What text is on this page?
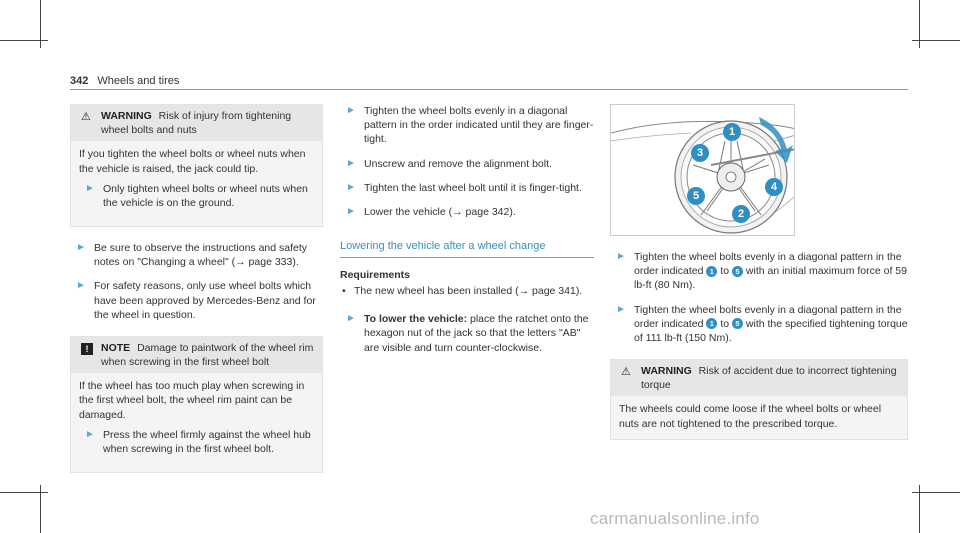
342 Wheels and tires
⚠ WARNING Risk of injury from tightening wheel bolts and nuts

If you tighten the wheel bolts or wheel nuts when the vehicle is raised, the jack could tip.

► Only tighten wheel bolts or wheel nuts when the vehicle is on the ground.
► Be sure to observe the instructions and safety notes on "Changing a wheel" (→ page 333).
► For safety reasons, only use wheel bolts which have been approved by Mercedes-Benz and for the wheel in question.
!	NOTE Damage to paintwork of the wheel rim when screwing in the first wheel bolt

If the wheel has too much play when screwing in the first wheel bolt, the wheel rim paint can be damaged.

► Press the wheel firmly against the wheel hub when screwing in the first wheel bolt.
► Tighten the wheel bolts evenly in a diagonal pattern in the order indicated until they are finger-tight.
► Unscrew and remove the alignment bolt.
► Tighten the last wheel bolt until it is finger-tight.
► Lower the vehicle (→ page 342).
Lowering the vehicle after a wheel change
Requirements
• The new wheel has been installed (→ page 341).
► To lower the vehicle: place the ratchet onto the hexagon nut of the jack so that the letters "AB" are visible and turn counter-clockwise.
1
2
3
4
5
► Tighten the wheel bolts evenly in a diagonal pattern in the order indicated 1 to 5 with an initial maximum force of 59 lb-ft (80 Nm).
► Tighten the wheel bolts evenly in a diagonal pattern in the order indicated 1 to 5 with the specified tightening torque of 111 lb-ft (150 Nm).
⚠ WARNING Risk of accident due to incorrect tightening torque

The wheels could come loose if the wheel bolts or wheel nuts are not tightened to the prescribed torque.

carmanualsonline.info
